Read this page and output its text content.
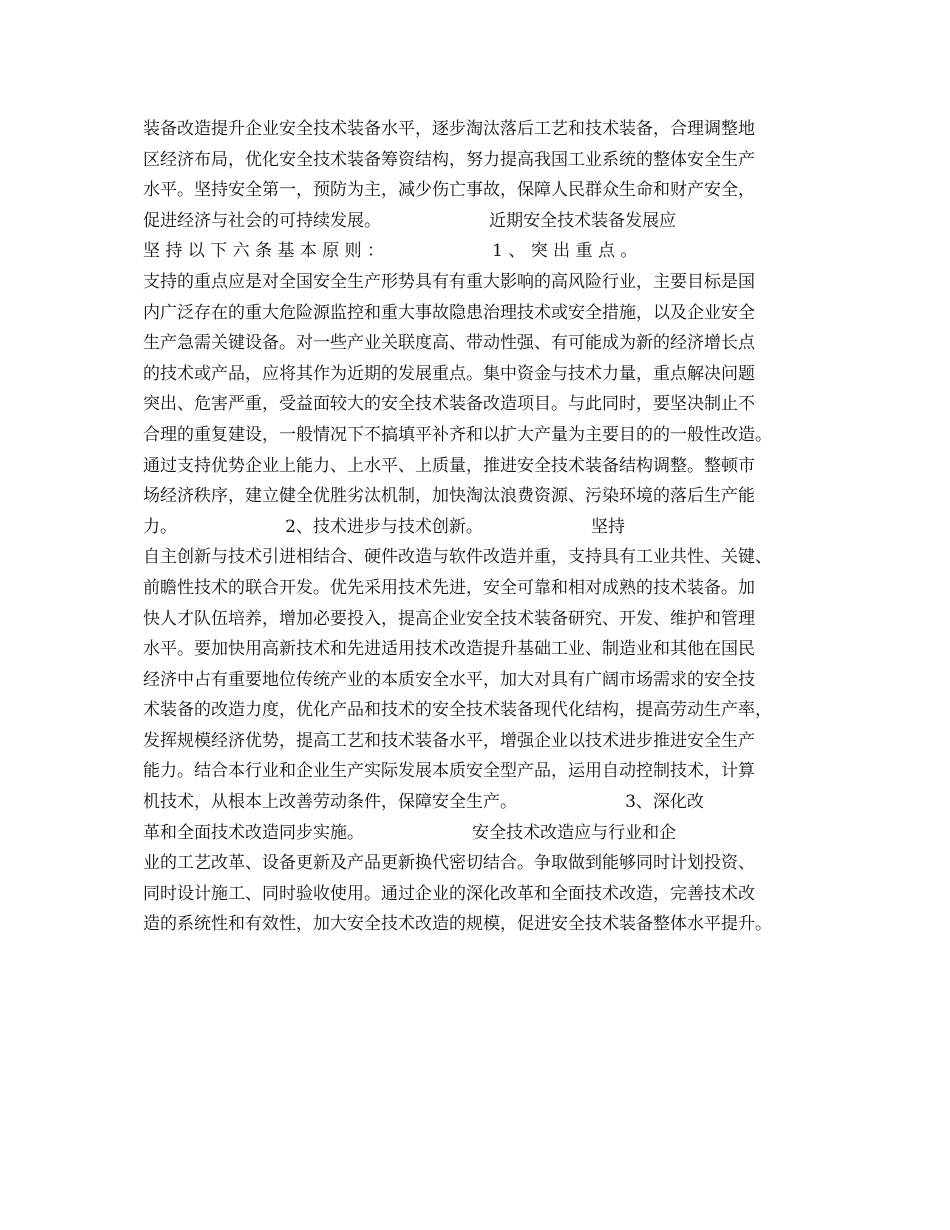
装备改造提升企业安全技术装备水平，逐步淘汰落后工艺和技术装备，合理调整地
区经济布局，优化安全技术装备筹资结构，努力提高我国工业系统的整体安全生产
水平。坚持安全第一，预防为主，减少伤亡事故，保障人民群众生命和财产安全，
促进经济与社会的可持续发展。                    近期安全技术装备发展应
坚 持 以 下 六 条 基 本 原 则 ：                    1 、 突 出 重 点 。
支持的重点应是对全国安全生产形势具有有重大影响的高风险行业，主要目标是国
内广泛存在的重大危险源监控和重大事故隐患治理技术或安全措施，以及企业安全
生产急需关键设备。对一些产业关联度高、带动性强、有可能成为新的经济增长点
的技术或产品，应将其作为近期的发展重点。集中资金与技术力量，重点解决问题
突出、危害严重，受益面较大的安全技术装备改造项目。与此同时，要坚决制止不
合理的重复建设，一般情况下不搞填平补齐和以扩大产量为主要目的的一般性改造。
通过支持优势企业上能力、上水平、上质量，推进安全技术装备结构调整。整顿市
场经济秩序，建立健全优胜劣汰机制，加快淘汰浪费资源、污染环境的落后生产能
力。                    2、技术进步与技术创新。                    坚持
自主创新与技术引进相结合、硬件改造与软件改造并重，支持具有工业共性、关键、
前瞻性技术的联合开发。优先采用技术先进，安全可靠和相对成熟的技术装备。加
快人才队伍培养，增加必要投入，提高企业安全技术装备研究、开发、维护和管理
水平。要加快用高新技术和先进适用技术改造提升基础工业、制造业和其他在国民
经济中占有重要地位传统产业的本质安全水平，加大对具有广阔市场需求的安全技
术装备的改造力度，优化产品和技术的安全技术装备现代化结构，提高劳动生产率，
发挥规模经济优势，提高工艺和技术装备水平，增强企业以技术进步推进安全生产
能力。结合本行业和企业生产实际发展本质安全型产品，运用自动控制技术，计算
机技术，从根本上改善劳动条件，保障安全生产。                    3、深化改
革和全面技术改造同步实施。                    安全技术改造应与行业和企
业的工艺改革、设备更新及产品更新换代密切结合。争取做到能够同时计划投资、
同时设计施工、同时验收使用。通过企业的深化改革和全面技术改造，完善技术改
造的系统性和有效性，加大安全技术改造的规模，促进安全技术装备整体水平提升。
